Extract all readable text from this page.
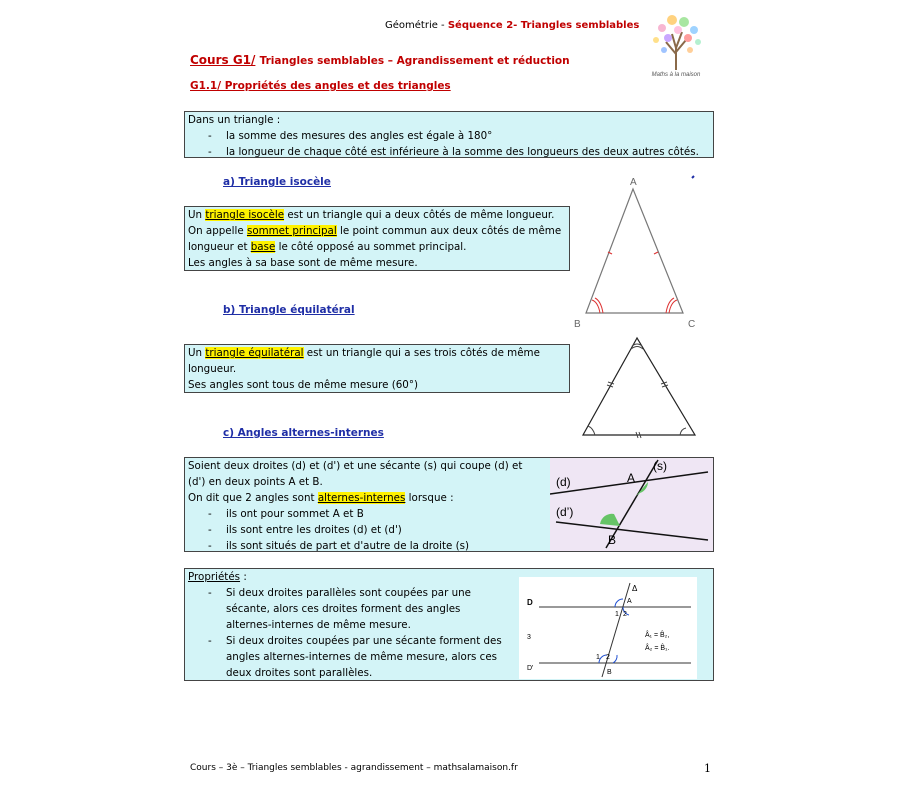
Géométrie - Séquence 2- Triangles semblables
Maths à la maison
Cours G1/ Triangles semblables – Agrandissement et réduction
G1.1/ Propriétés des angles et des triangles
Dans un triangle :
- la somme des mesures des angles est égale à 180°
- la longueur de chaque côté est inférieure à la somme des longueurs des deux autres côtés.
a) Triangle isocèle
Un triangle isocèle est un triangle qui a deux côtés de même longueur.
On appelle sommet principal le point commun aux deux côtés de même longueur et base le côté opposé au sommet principal.
Les angles à sa base sont de même mesure.
A
B	C
b) Triangle équilatéral
Un triangle équilatéral est un triangle qui a ses trois côtés de même longueur.
Ses angles sont tous de même mesure (60°)
c) Angles alternes-internes
Soient deux droites (d) et (d') et une sécante (s) qui coupe (d) et (d') en deux points A et B.
On dit que 2 angles sont alternes-internes lorsque :
- ils ont pour sommet A et B
- ils sont entre les droites (d) et (d')
- ils sont situés de part et d'autre de la droite (s)
(d)
(d’)
(s)
A
B
Propriétés :
- Si deux droites parallèles sont coupées par une sécante, alors ces droites forment des angles alternes-internes de même mesure.
- Si deux droites coupées par une sécante forment des angles alternes-internes de même mesure, alors ces deux droites sont parallèles.
D
Δ
A
B
D'
1 2
1 2
Â₁ = B̂₂,
Â₂ = B̂₁.
3
Cours – 3è – Triangles semblables - agrandissement – mathsalamaison.fr	1
